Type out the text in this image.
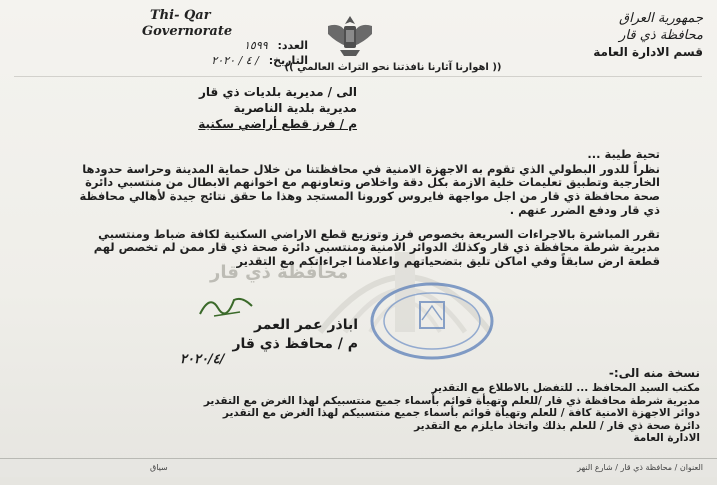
جمهورية العراق
محافظة ذي قار
قسم الادارة العامة
Thi- Qar
Governorate
العدد: ١٥٩٩
التاريخ: / ٤ / ٢٠٢٠
(( اهوارنا آثارنا نافذتنا نحو التراث العالمي ))
الى / مديرية بلديات ذي قار
مديرية بلدية الناصرية
م / فرز قطع أراضي سكنية
محافظة ذي قار

تحية طيبة ...

نظراً للدور البطولي الذي تقوم به الاجهزة الامنية في محافظتنا من خلال حماية المدينة وحراسة حدودها الخارجية وتطبيق تعليمات خلية الازمة بكل دقة واخلاص وتعاونهم مع اخوانهم الابطال من منتسبي دائرة صحة محافظة ذي قار من اجل مواجهة فايروس كورونا المستجد وهذا ما حقق نتائج جيدة لأهالي محافظة ذي قار ودفع الضرر عنهم .

تقرر المباشرة بالاجراءات السريعة بخصوص فرز وتوزيع قطع الاراضي السكنية لكافة ضباط ومنتسبي مديرية شرطة محافظة ذي قار وكذلك الدوائر الامنية ومنتسبي دائرة صحة ذي قار ممن لم تخصص لهم قطعة ارض سابقاً وفي اماكن تليق بتضحياتهم واعلامنا اجراءاتكم مع التقدير

اباذر عمر العمر
م / محافظ ذي قار
٢٠٢٠/٤/
نسخة منه الى:-
مكتب السيد المحافظ ... للتفضل بالاطلاع مع التقدير
مديرية شرطة محافظة ذي قار /للعلم وتهيأة قوائم بأسماء جميع منتسبيكم لهذا الغرض مع التقدير
دوائر الاجهزة الامنية كافة / للعلم وتهيأة قوائم بأسماء جميع منتسبيكم لهذا الغرض مع التقدير
دائرة صحة ذي قار / للعلم بذلك واتخاذ مايلزم مع التقدير
الادارة العامة
سياق	العنوان / محافظة ذي قار / شارع النهر
